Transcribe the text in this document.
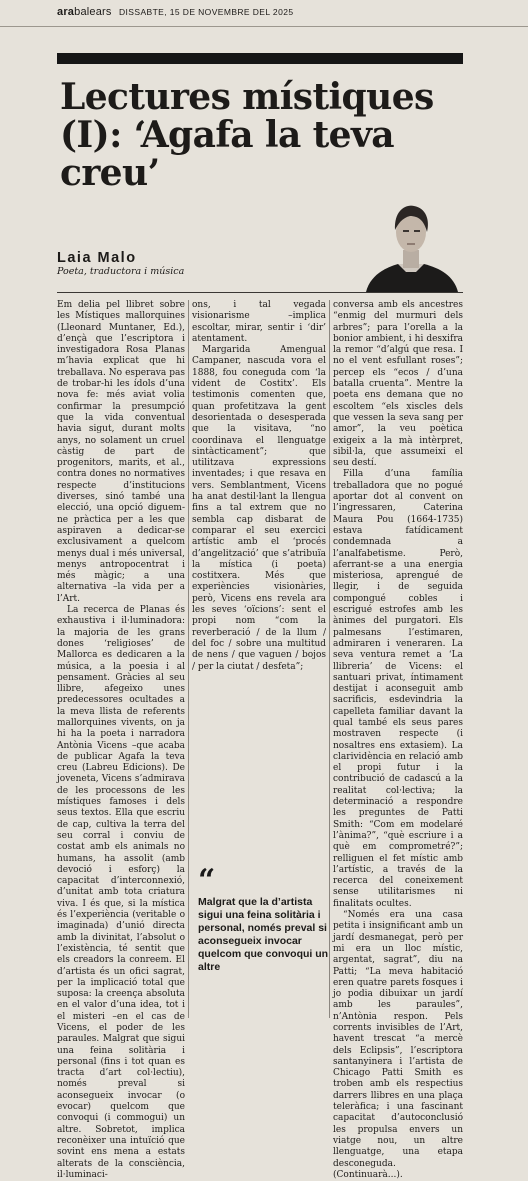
arabalears DISSABTE, 15 DE NOVEMBRE DEL 2025
Lectures místiques (I): ‘Agafa la teva creu’
Laia Malo
Poeta, traductora i música

Em delia pel llibret sobre les Místiques mallorquines (Lleonard Muntaner, Ed.), d’ençà que l’escriptora i investigadora Rosa Planas m’havia explicat que hi treballava. No esperava pas de trobar-hi les ídols d’una nova fe: més aviat volia confirmar la presumpció que la vida conventual havia sigut, durant molts anys, no solament un cruel càstig de part de progenitors, marits, et al., contra dones no normatives respecte d’institucions diverses, sinó també una elecció, una opció diguem-ne pràctica per a les que aspiraven a dedicar-se exclusivament a quelcom menys dual i més universal, menys antropocentrat i més màgic; a una alternativa –la vida per a l’Art.

La recerca de Planas és exhaustiva i il·luminadora: la majoria de les grans dones ‘religioses’ de Mallorca es dedicaren a la música, a la poesia i al pensament. Gràcies al seu llibre, afegeixo unes predecessores ocultades a la meva llista de referents mallorquines vivents, on ja hi ha la poeta i narradora Antònia Vicens –que acaba de publicar Agafa la teva creu (Labreu Edicions). De joveneta, Vicens s’admirava de les processons de les místiques famoses i dels seus textos. Ella que escriu de cap, cultiva la terra del seu corral i conviu de costat amb els animals no humans, ha assolit (amb devoció i esforç) la capacitat d’interconnexió, d’unitat amb tota criatura viva. I és que, si la mística és l’experiència (veritable o imaginada) d’unió directa amb la divinitat, l’absolut o l’existència, té sentit que els creadors la conreem. El d’artista és un ofici sagrat, per la implicació total que suposa: la creença absoluta en el valor d’una idea, tot i el misteri –en el cas de Vicens, el poder de les paraules. Malgrat que sigui una feina solitària i personal (fins i tot quan es tracta d’art col·lectiu), només preval si aconsegueix invocar (o evocar) quelcom que convoqui (i commogui) un altre. Sobretot, implica reconèixer una intuïció que sovint ens mena a estats alterats de la consciència, il·luminaci-

ons, i tal vegada visionarisme –implica escoltar, mirar, sentir i ‘dir’ atentament.

Margarida Amengual Campaner, nascuda vora el 1888, fou coneguda com ‘la vident de Costitx’. Els testimonis comenten que, quan profetitzava la gent desorientada o desesperada que la visitava, “no coordinava el llenguatge sintàcticament”; que utilitzava expressions inventades; i que resava en vers. Semblantment, Vicens ha anat destil·lant la llengua fins a tal extrem que no sembla cap disbarat de comparar el seu exercici artístic amb el ‘procés d’angelització’ que s’atribuïa la mística (i poeta) costitxera. Més que experiències visionàries, però, Vicens ens revela ara les seves ‘oïcions’: sent el propi nom “com la reverberació / de la llum / del foc / sobre una multitud de nens / que vaguen / bojos / per la ciutat / desfeta”;

conversa amb els ancestres “enmig del murmuri dels arbres”; para l’orella a la bonior ambient, i hi desxifra la remor “d’algú que resa. I no el vent esfullant roses”; percep els “ecos / d’una batalla cruenta”. Mentre la poeta ens demana que no escoltem “els xiscles dels que vessen la seva sang per amor”, la veu poètica exigeix a la mà intèrpret, sibil·la, que assumeixi el seu destí.

Filla d’una família treballadora que no pogué aportar dot al convent on l’ingressaren, Caterina Maura Pou (1664-1735) estava fatídicament condemnada a l’analfabetisme. Però, aferrant-se a una energia misteriosa, aprengué de llegir, i de seguida compongué cobles i escrigué estrofes amb les ànimes del purgatori. Els palmesans l’estimaren, admiraren i veneraren. La seva ventura remet a ‘La llibreria’ de Vicens: el santuari privat, íntimament destijat i aconseguit amb sacrificis, esdevindria la capelleta familiar davant la qual també els seus pares mostraven respecte (i nosaltres ens extasiem). La clarividència en relació amb el propi futur i la contribució de cadascú a la realitat col·lectiva; la determinació a respondre les preguntes de Patti Smith: “Com em modelaré l’ànima?”, “què escriure i a què em comprometré?”; relliguen el fet místic amb l’artístic, a través de la recerca del coneixement sense utilitarismes ni finalitats ocultes.

“Només era una casa petita i insignificant amb un jardí desmanegat, però per mi era un lloc místic, argentat, sagrat”, diu na Patti; “La meva habitació eren quatre parets fosques i jo podia dibuixar un jardí amb les paraules”, n’Antònia respon. Pels corrents invisibles de l’Art, havent trescat “a mercè dels Eclipsis”, l’escriptora santanyinera i l’artista de Chicago Patti Smith es troben amb els respectius darrers llibres en una plaça teleràfica; i una fascinant capacitat d’autoconclusió les propulsa envers un viatge nou, un altre llenguatge, una etapa desconeguda. (Continuarà...).

“
Malgrat que la d’artista sigui una feina solitària i personal, només preval si aconsegueix invocar quelcom que convoqui un altre
